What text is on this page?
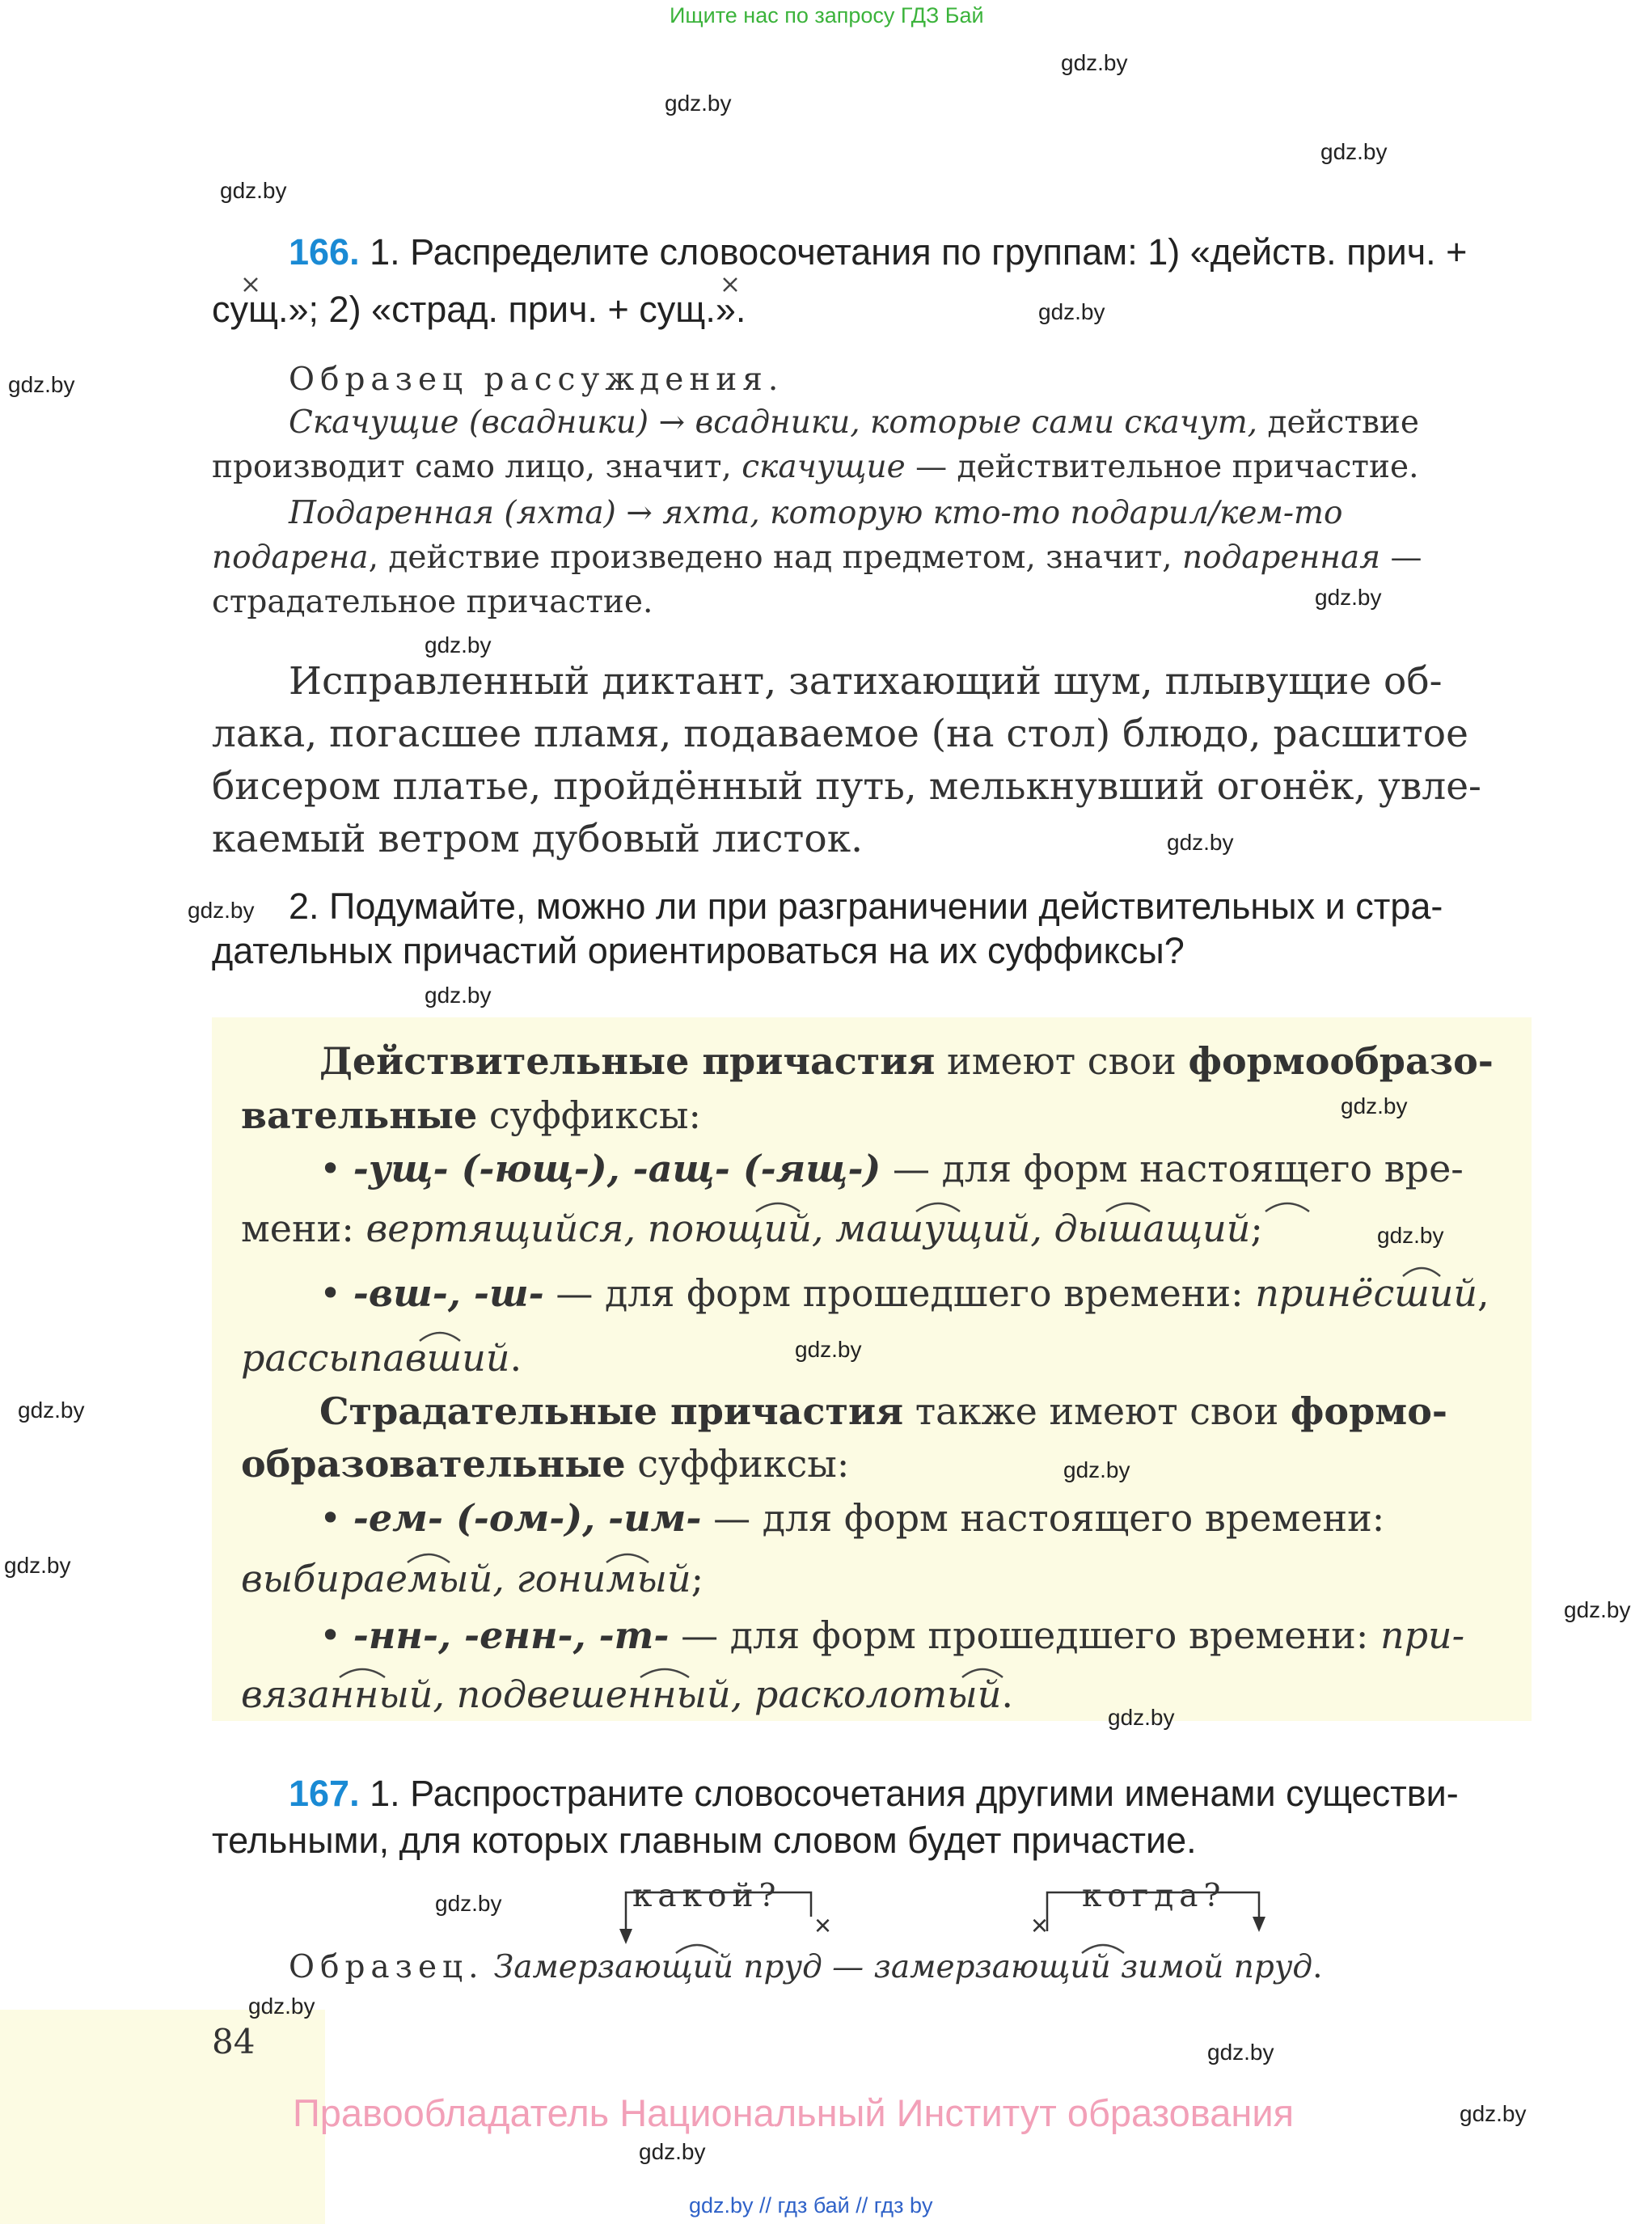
Ищите нас по запросу ГДЗ Бай
gdz.by
gdz.by
gdz.by
gdz.by
gdz.by
gdz.by
gdz.by
gdz.by
gdz.by
gdz.by
gdz.by
gdz.by
gdz.by
gdz.by
gdz.by
gdz.by
gdz.by
gdz.by
gdz.by
gdz.by
gdz.by
gdz.by
gdz.by
gdz.by
166. 1. Распределите словосочетания по группам: 1) «действ. прич. +
сущ.»; 2) «страд. прич. + сущ.».
Образец рассуждения.
Скачущие (всадники) → всадники, которые сами скачут, действие
производит само лицо, значит, скачущие — действительное причастие.
Подаренная (яхта) → яхта, которую кто-то подарил/кем-то
подарена, действие произведено над предметом, значит, подаренная —
страдательное причастие.
Исправленный диктант, затихающий шум, плывущие об-
лака, погасшее пламя, подаваемое (на стол) блюдо, расшитое
бисером платье, пройдённый путь, мелькнувший огонёк, увле-
каемый ветром дубовый листок.
2. Подумайте, можно ли при разграничении действительных и стра-
дательных причастий ориентироваться на их суффиксы?
Действительные причастия имеют свои формообразо-
вательные суффиксы:
• -ущ- (-ющ-), -ащ- (-ящ-) — для форм настоящего вре-
мени: вертящийся, поющий, машущий, дышащий;
• -вш-, -ш- — для форм прошедшего времени: принёсший,
рассыпавший.
Страдательные причастия также имеют свои формо-
образовательные суффиксы:
• -ем- (-ом-), -им- — для форм настоящего времени:
выбираемый, гонимый;
• -нн-, -енн-, -т- — для форм прошедшего времени: при-
вязанный, подвешенный, расколотый.
167. 1. Распространите словосочетания другими именами существи-
тельными, для которых главным словом будет причастие.
какой?	когда?
×	×
Образец. Замерзающий пруд — замерзающий зимой пруд.
84
Правообладатель Национальный Институт образования
gdz.by // гдз бай // гдз by
